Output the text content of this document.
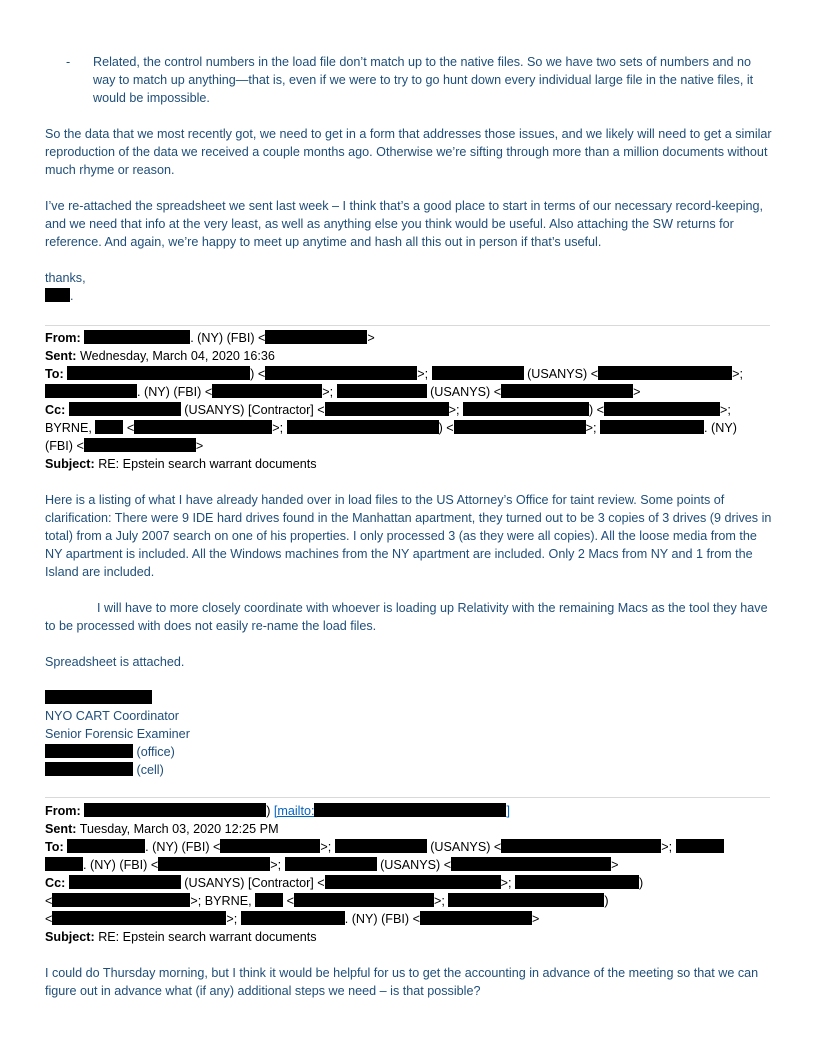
- Related, the control numbers in the load file don’t match up to the native files. So we have two sets of numbers and no way to match up anything—that is, even if we were to try to go hunt down every individual large file in the native files, it would be impossible.

So the data that we most recently got, we need to get in a form that addresses those issues, and we likely will need to get a similar reproduction of the data we received a couple months ago. Otherwise we’re sifting through more than a million documents without much rhyme or reason.

I’ve re-attached the spreadsheet we sent last week – I think that’s a good place to start in terms of our necessary record-keeping, and we need that info at the very least, as well as anything else you think would be useful. Also attaching the SW returns for reference. And again, we’re happy to meet up anytime and hash all this out in person if that’s useful.

thanks,

.
From:	. (NY) (FBI) <	>
Sent: Wednesday, March 04, 2020 16:36
To:	) <	>;	(USANYS) <	>;
. (NY) (FBI) <	>;	(USANYS) <	>
Cc:	(USANYS) [Contractor] <	>;	) <	>;
BYRNE,	<	>;	) <	>;	. (NY)
(FBI) <	>
Subject: RE: Epstein search warrant documents

Here is a listing of what I have already handed over in load files to the US Attorney’s Office for taint review. Some points of clarification: There were 9 IDE hard drives found in the Manhattan apartment, they turned out to be 3 copies of 3 drives (9 drives in total) from a July 2007 search on one of his properties. I only processed 3 (as they were all copies). All the loose media from the NY apartment is included. All the Windows machines from the NY apartment are included. Only 2 Macs from NY and 1 from the Island are included.

I will have to more closely coordinate with whoever is loading up Relativity with the remaining Macs as the tool they have to be processed with does not easily re-name the load files.

Spreadsheet is attached.

NYO CART Coordinator

Senior Forensic Examiner

(office)
(cell)
From:	) [mailto:	]
Sent: Tuesday, March 03, 2020 12:25 PM
To:	. (NY) (FBI) <	>;	(USANYS) <	>;
. (NY) (FBI) <	>;	(USANYS) <	>
Cc:	(USANYS) [Contractor] <	>;	)
<	>; BYRNE,	<	>;	)
<	>;	. (NY) (FBI) <	>
Subject: RE: Epstein search warrant documents

I could do Thursday morning, but I think it would be helpful for us to get the accounting in advance of the meeting so that we can figure out in advance what (if any) additional steps we need – is that possible?
